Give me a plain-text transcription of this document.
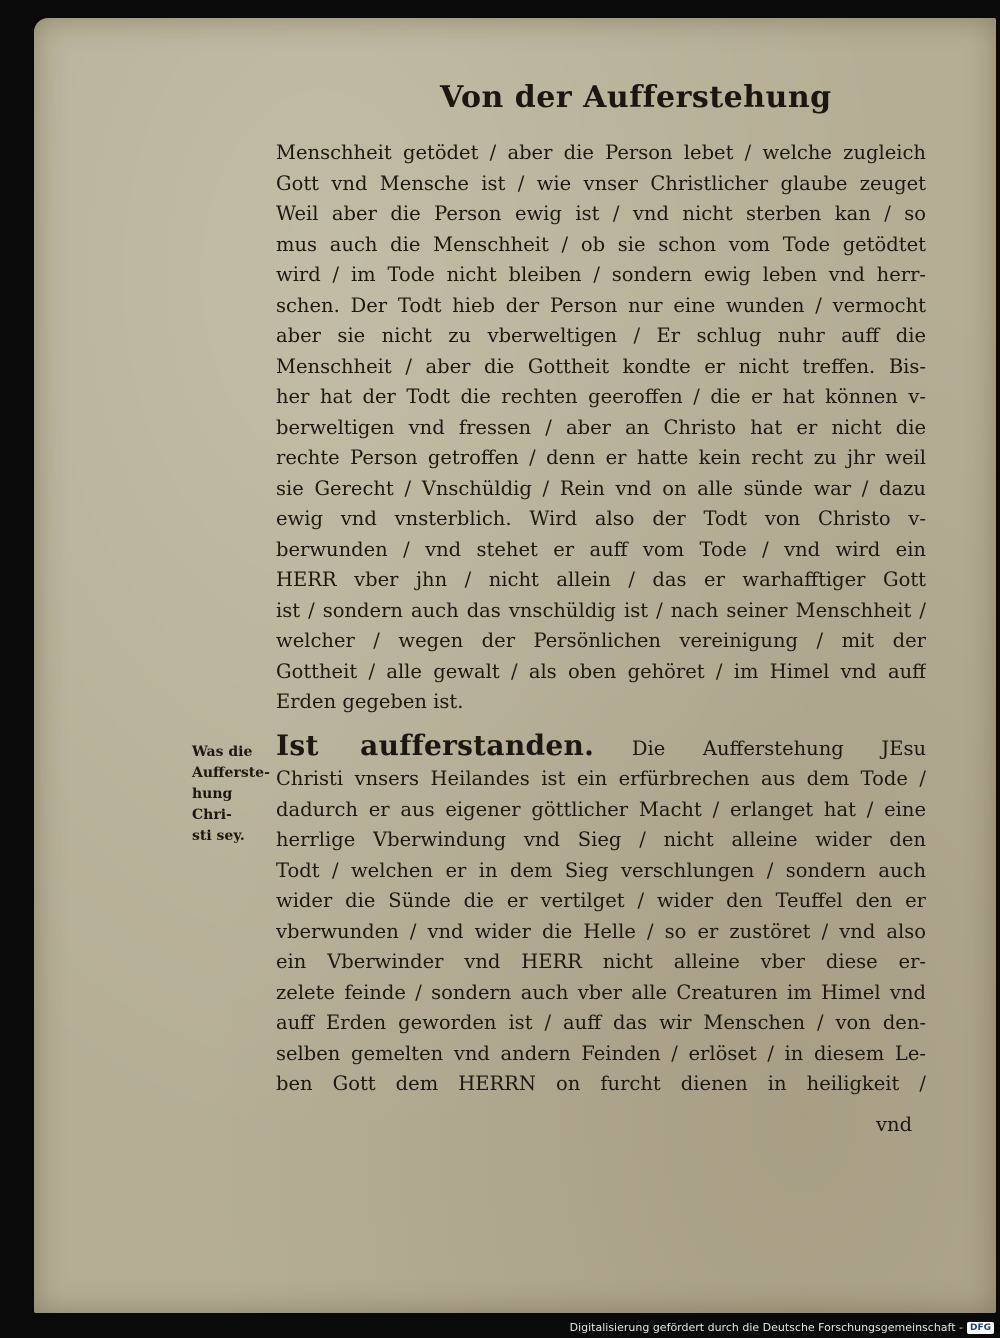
Von der Aufferstehung
Menschheit getödet / aber die Person lebet / welche zugleich
Gott vnd Mensche ist / wie vnser Christlicher glaube zeuget
Weil aber die Person ewig ist / vnd nicht sterben kan / so
mus auch die Menschheit / ob sie schon vom Tode getödtet
wird / im Tode nicht bleiben / sondern ewig leben vnd herr-
schen. Der Todt hieb der Person nur eine wunden / vermocht
aber sie nicht zu vberweltigen / Er schlug nuhr auff die
Menschheit / aber die Gottheit kondte er nicht treffen. Bis-
her hat der Todt die rechten geeroffen / die er hat können v-
berweltigen vnd fressen / aber an Christo hat er nicht die
rechte Person getroffen / denn er hatte kein recht zu jhr weil
sie Gerecht / Vnschüldig / Rein vnd on alle sünde war / dazu
ewig vnd vnsterblich. Wird also der Todt von Christo v-
berwunden / vnd stehet er auff vom Tode / vnd wird ein
HERR vber jhn / nicht allein / das er warhafftiger Gott
ist / sondern auch das vnschüldig ist / nach seiner Menschheit /
welcher / wegen der Persönlichen vereinigung / mit der
Gottheit / alle gewalt / als oben gehöret / im Himel vnd auff
Erden gegeben ist.
Was die
Aufferste-
hung Chri-
sti sey.
Ist aufferstanden. Die Aufferstehung JEsu
Christi vnsers Heilandes ist ein erfürbrechen aus dem Tode /
dadurch er aus eigener göttlicher Macht / erlanget hat / eine
herrlige Vberwindung vnd Sieg / nicht alleine wider den
Todt / welchen er in dem Sieg verschlungen / sondern auch
wider die Sünde die er vertilget / wider den Teuffel den er
vberwunden / vnd wider die Helle / so er zustöret / vnd also
ein Vberwinder vnd HERR nicht alleine vber diese er-
zelete feinde / sondern auch vber alle Creaturen im Himel vnd
auff Erden geworden ist / auff das wir Menschen / von den-
selben gemelten vnd andern Feinden / erlöset / in diesem Le-
ben Gott dem HERRN on furcht dienen in heiligkeit /
vnd
Digitalisierung gefördert durch die Deutsche Forschungsgemeinschaft - DFG
